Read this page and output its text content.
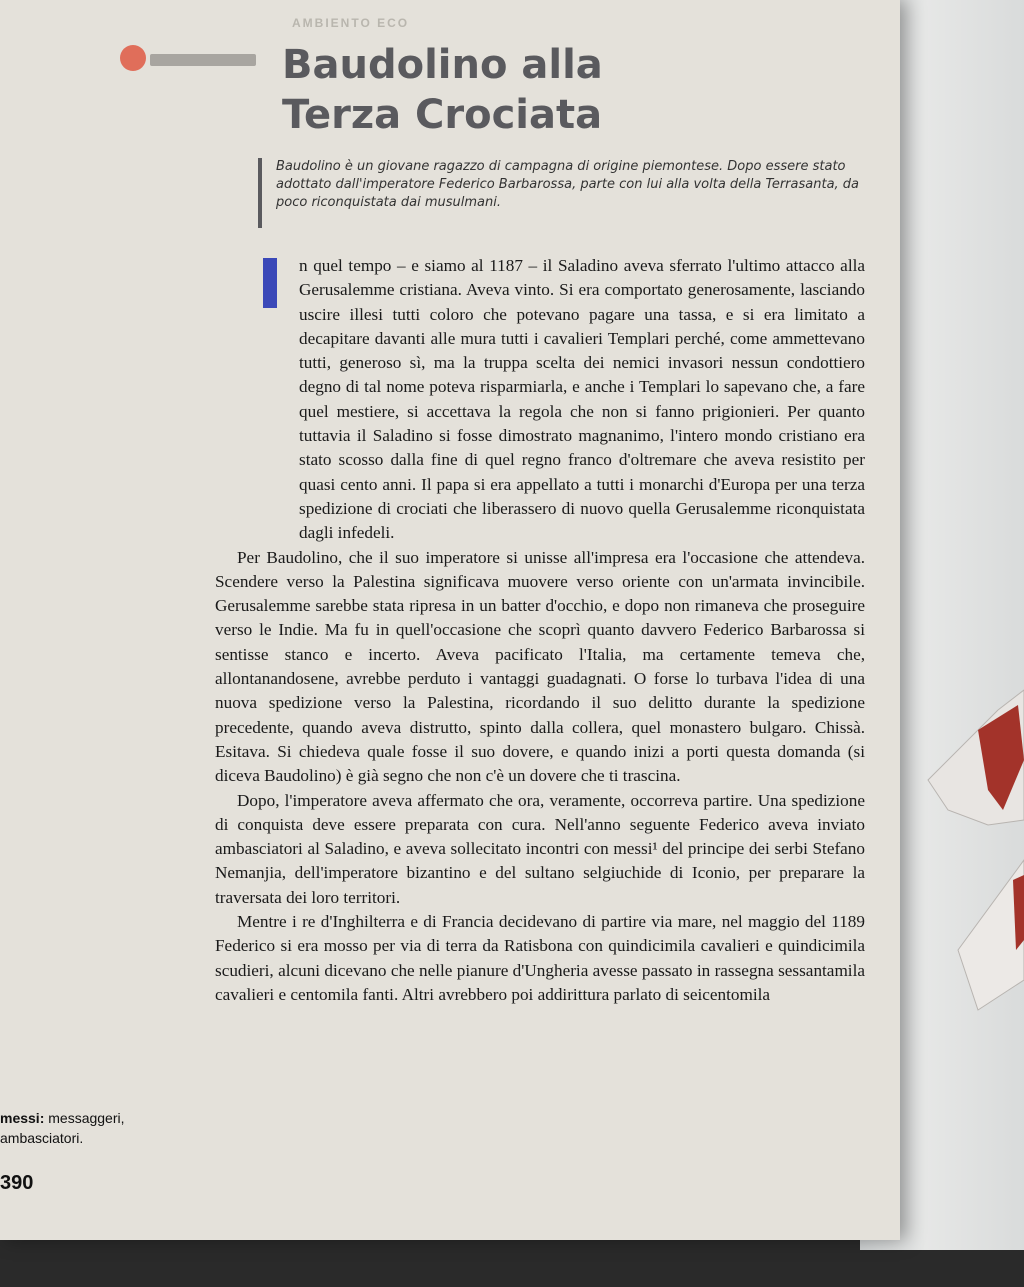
AMBIENTO ECO
Baudolino alla
Terza Crociata

Baudolino è un giovane ragazzo di campagna di origine piemontese. Dopo essere stato adottato dall'imperatore Federico Barbarossa, parte con lui alla volta della Terrasanta, da poco riconquistata dai musulmani.

n quel tempo – e siamo al 1187 – il Saladino aveva sferrato l'ultimo attacco alla Gerusalemme cristiana. Aveva vinto. Si era comportato generosamente, lasciando uscire illesi tutti coloro che potevano pagare una tassa, e si era limitato a decapitare davanti alle mura tutti i cavalieri Templari perché, come ammettevano tutti, generoso sì, ma la truppa scelta dei nemici invasori nessun condottiero degno di tal nome poteva risparmiarla, e anche i Templari lo sapevano che, a fare quel mestiere, si accettava la regola che non si fanno prigionieri. Per quanto tuttavia il Saladino si fosse dimostrato magnanimo, l'intero mondo cristiano era stato scosso dalla fine di quel regno franco d'oltremare che aveva resistito per quasi cento anni. Il papa si era appellato a tutti i monarchi d'Europa per una terza spedizione di crociati che liberassero di nuovo quella Gerusalemme riconquistata dagli infedeli.

Per Baudolino, che il suo imperatore si unisse all'impresa era l'occasione che attendeva. Scendere verso la Palestina significava muovere verso oriente con un'armata invincibile. Gerusalemme sarebbe stata ripresa in un batter d'occhio, e dopo non rimaneva che proseguire verso le Indie. Ma fu in quell'occasione che scoprì quanto davvero Federico Barbarossa si sentisse stanco e incerto. Aveva pacificato l'Italia, ma certamente temeva che, allontanandosene, avrebbe perduto i vantaggi guadagnati. O forse lo turbava l'idea di una nuova spedizione verso la Palestina, ricordando il suo delitto durante la spedizione precedente, quando aveva distrutto, spinto dalla collera, quel monastero bulgaro. Chissà. Esitava. Si chiedeva quale fosse il suo dovere, e quando inizi a porti questa domanda (si diceva Baudolino) è già segno che non c'è un dovere che ti trascina.

Dopo, l'imperatore aveva affermato che ora, veramente, occorreva partire. Una spedizione di conquista deve essere preparata con cura. Nell'anno seguente Federico aveva inviato ambasciatori al Saladino, e aveva sollecitato incontri con messi¹ del principe dei serbi Stefano Nemanjia, dell'imperatore bizantino e del sultano selgiuchide di Iconio, per preparare la traversata dei loro territori.

Mentre i re d'Inghilterra e di Francia decidevano di partire via mare, nel maggio del 1189 Federico si era mosso per via di terra da Ratisbona con quindicimila cavalieri e quindicimila scudieri, alcuni dicevano che nelle pianure d'Ungheria avesse passato in rassegna sessantamila cavalieri e centomila fanti. Altri avrebbero poi addirittura parlato di seicentomila

messi: messaggeri, ambasciatori.
390
